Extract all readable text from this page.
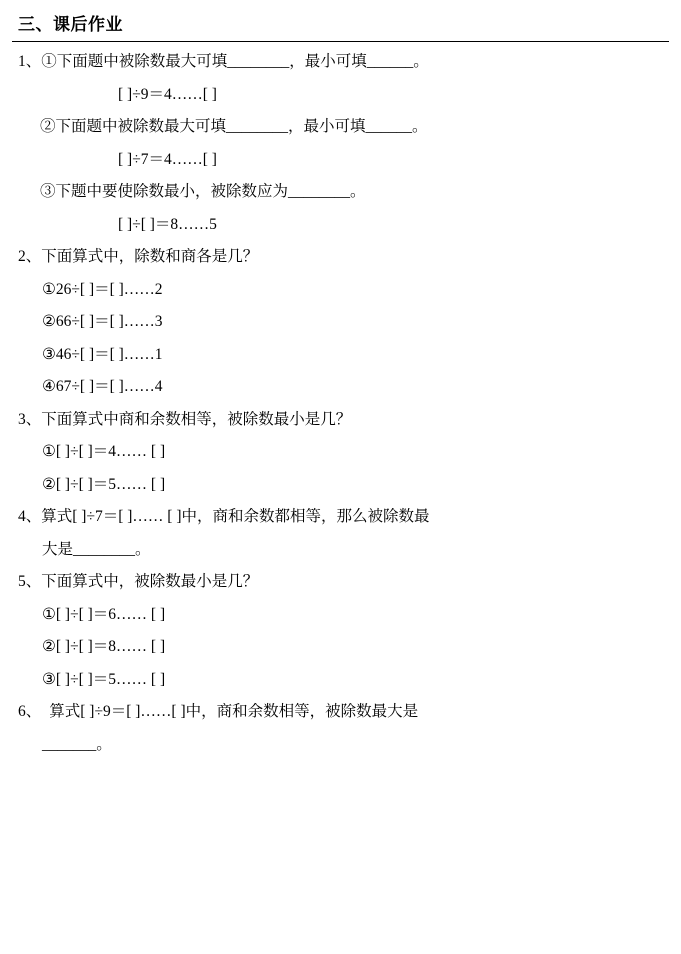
三、课后作业
1、①下面题中被除数最大可填________，最小可填______。
[ ]÷9＝4……[ ]
②下面题中被除数最大可填________，最小可填______。
[ ]÷7＝4……[ ]
③下题中要使除数最小，被除数应为________。
[ ]÷[ ]＝8……5
2、下面算式中，除数和商各是几？
①26÷[ ]＝[ ]……2
②66÷[ ]＝[ ]……3
③46÷[ ]＝[ ]……1
④67÷[ ]＝[ ]……4
3、下面算式中商和余数相等，被除数最小是几？
①[ ]÷[ ]＝4…… [ ]
②[ ]÷[ ]＝5…… [ ]
4、算式[ ]÷7＝[ ]…… [ ]中，商和余数都相等，那么被除数最
大是________。
5、下面算式中，被除数最小是几？
①[ ]÷[ ]＝6…… [ ]
②[ ]÷[ ]＝8…… [ ]
③[ ]÷[ ]＝5…… [ ]
6、 算式[ ]÷9＝[ ]……[ ]中，商和余数相等，被除数最大是
_______。
